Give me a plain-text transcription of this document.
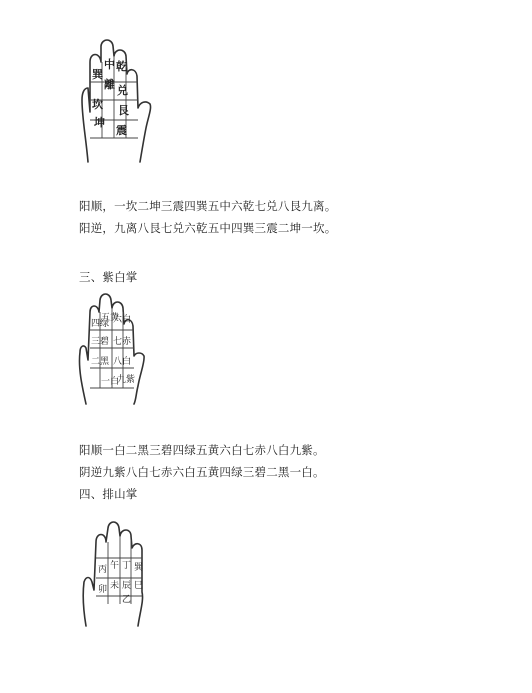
巽
中 乾
離 兑
坎 艮
坤
震
阳顺，一坎二坤三震四巽五中六乾七兑八艮九离。
阳逆，九离八艮七兑六乾五中四巽三震二坤一坎。
三、紫白掌
四绿
五黄
六白
三碧 七赤
二黑 八白
一白
九紫
阳顺一白二黑三碧四绿五黄六白七赤八白九紫。
阴逆九紫八白七赤六白五黄四绿三碧二黑一白。
四、排山掌
丙 午 丁 巽
未 巳
辰
卯
乙
